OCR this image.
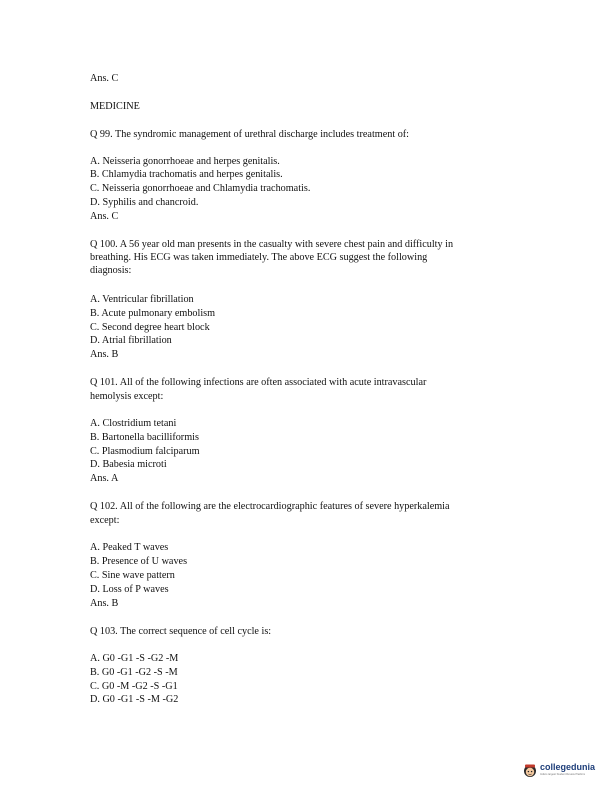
Ans. C
MEDICINE
Q 99. The syndromic management of urethral discharge includes treatment of:
A. Neisseria gonorrhoeae and herpes genitalis.
B. Chlamydia trachomatis and herpes genitalis.
C. Neisseria gonorrhoeae and Chlamydia trachomatis.
D. Syphilis and chancroid.
Ans. C
Q 100. A 56 year old man presents in the casualty with severe chest pain and difficulty in
breathing. His ECG was taken immediately. The above ECG suggest the following
diagnosis:
A. Ventricular fibrillation
B. Acute pulmonary embolism
C. Second degree heart block
D. Atrial fibrillation
Ans. B
Q 101. All of the following infections are often associated with acute intravascular
hemolysis except:
A. Clostridium tetani
B. Bartonella bacilliformis
C. Plasmodium falciparum
D. Babesia microti
Ans. A
Q 102. All of the following are the electrocardiographic features of severe hyperkalemia
except:
A. Peaked T waves
B. Presence of U waves
C. Sine wave pattern
D. Loss of P waves
Ans. B
Q 103. The correct sequence of cell cycle is:
A. G0 -G1 -S -G2 -M
B. G0 -G1 -G2 -S -M
C. G0 -M -G2 -S -G1
D. G0 -G1 -S -M -G2
collegedunia
India's largest Student Review Platform
